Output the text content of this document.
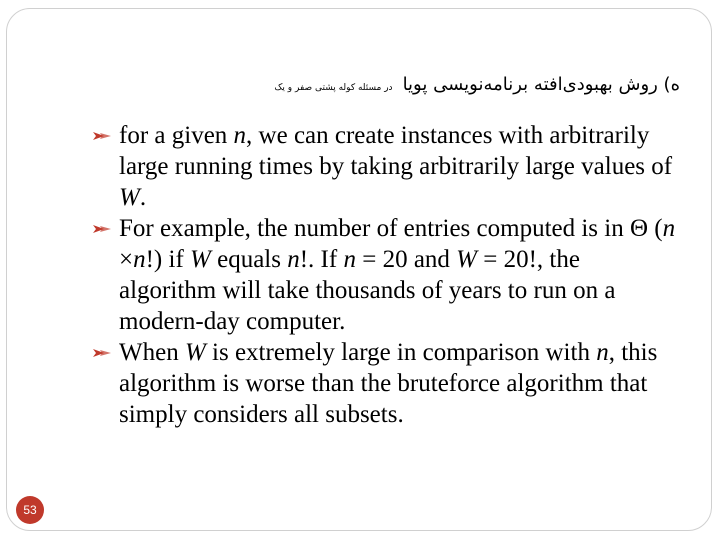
ه) روش بهبودی‌افته برنامه‌نویسی پویادر مسئله کوله پشتی صفر و یک
for a given n, we can create instances with arbitrarily large running times by taking arbitrarily large values of W.
For example, the number of entries computed is in Θ (n ×n!) if W equals n!. If n = 20 and W = 20!, the algorithm will take thousands of years to run on a modern-day computer.
When W is extremely large in comparison with n, this algorithm is worse than the bruteforce algorithm that simply considers all subsets.
53
